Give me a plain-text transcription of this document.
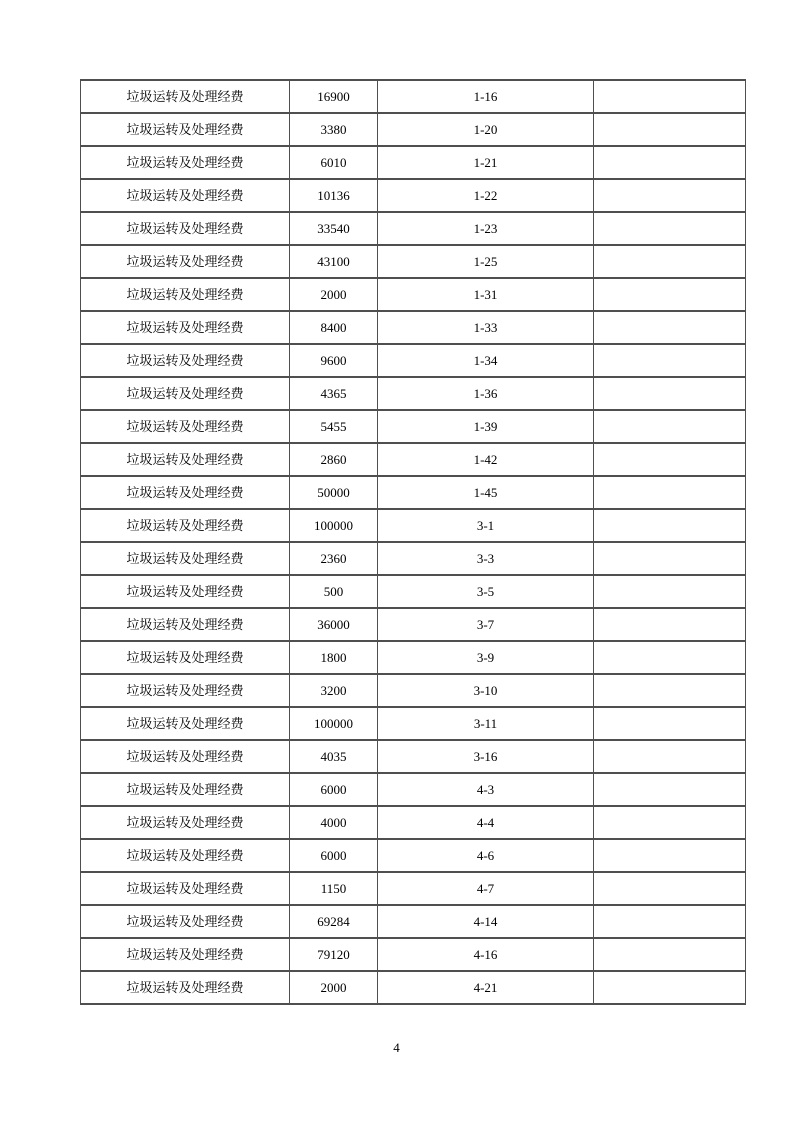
垃圾运转及处理经费	16900	1-16	
垃圾运转及处理经费	3380	1-20	
垃圾运转及处理经费	6010	1-21	
垃圾运转及处理经费	10136	1-22	
垃圾运转及处理经费	33540	1-23	
垃圾运转及处理经费	43100	1-25	
垃圾运转及处理经费	2000	1-31	
垃圾运转及处理经费	8400	1-33	
垃圾运转及处理经费	9600	1-34	
垃圾运转及处理经费	4365	1-36	
垃圾运转及处理经费	5455	1-39	
垃圾运转及处理经费	2860	1-42	
垃圾运转及处理经费	50000	1-45	
垃圾运转及处理经费	100000	3-1	
垃圾运转及处理经费	2360	3-3	
垃圾运转及处理经费	500	3-5	
垃圾运转及处理经费	36000	3-7	
垃圾运转及处理经费	1800	3-9	
垃圾运转及处理经费	3200	3-10	
垃圾运转及处理经费	100000	3-11	
垃圾运转及处理经费	4035	3-16	
垃圾运转及处理经费	6000	4-3	
垃圾运转及处理经费	4000	4-4	
垃圾运转及处理经费	6000	4-6	
垃圾运转及处理经费	1150	4-7	
垃圾运转及处理经费	69284	4-14	
垃圾运转及处理经费	79120	4-16	
垃圾运转及处理经费	2000	4-21	
4
